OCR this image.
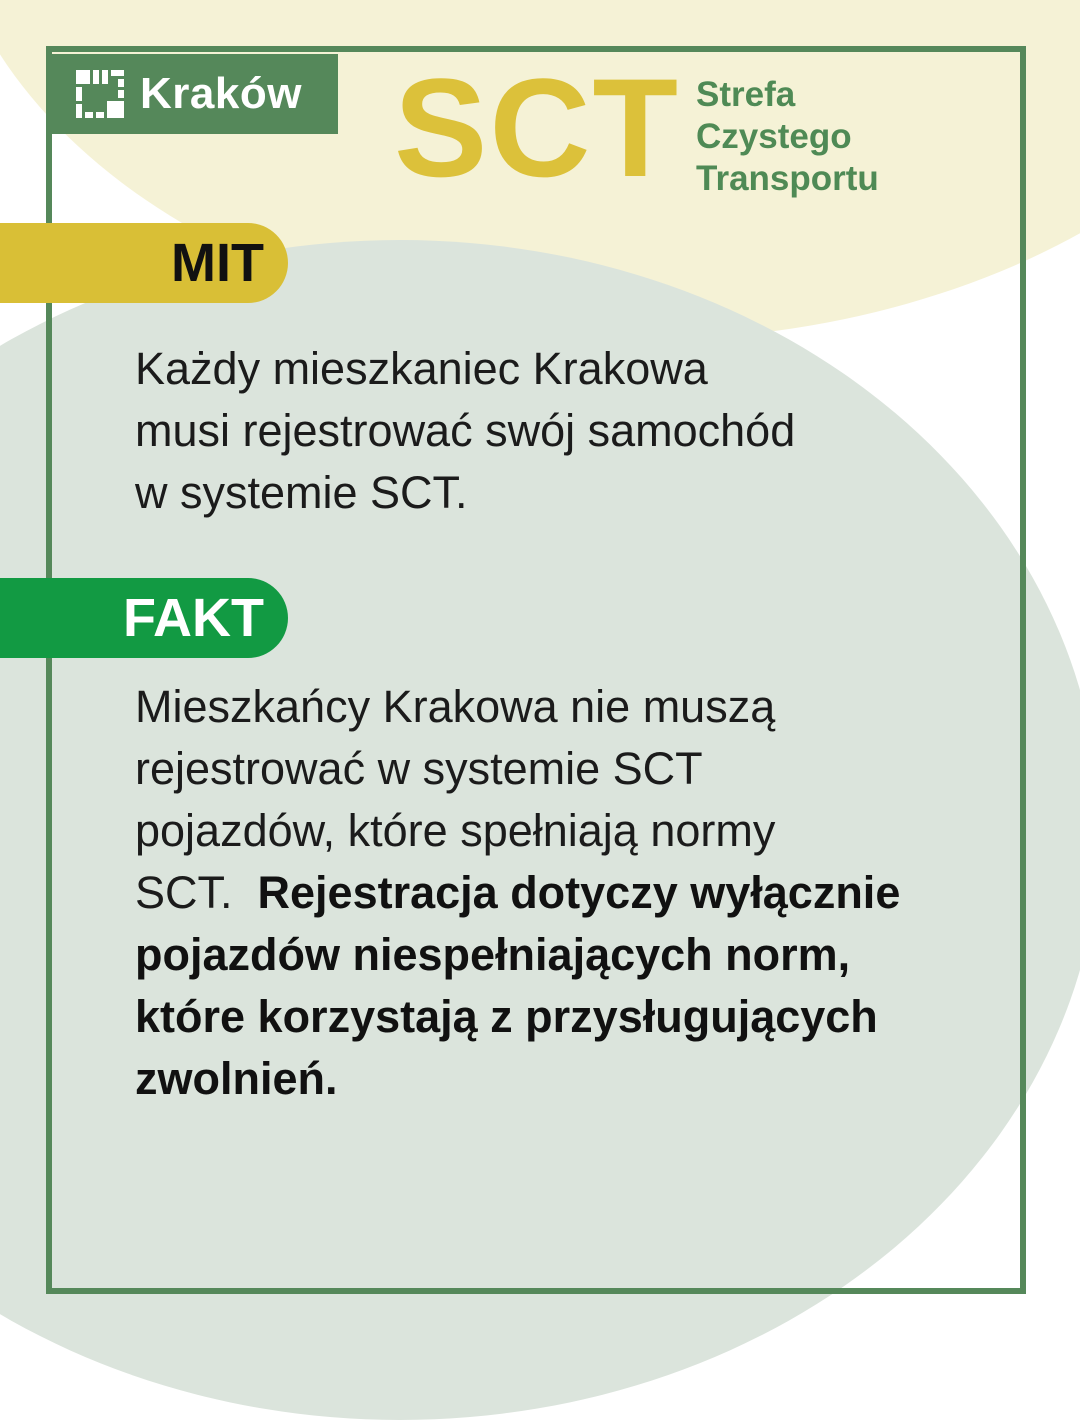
Kraków SCT Strefa
Czystego
Transportu
MIT
Każdy mieszkaniec Krakowa
musi rejestrować swój samochód
w systemie SCT.
FAKT
Mieszkańcy Krakowa nie muszą
rejestrować w systemie SCT
pojazdów, które spełniają normy
SCT. Rejestracja dotyczy wyłącznie
pojazdów niespełniających norm,
które korzystają z przysługujących
zwolnień.
